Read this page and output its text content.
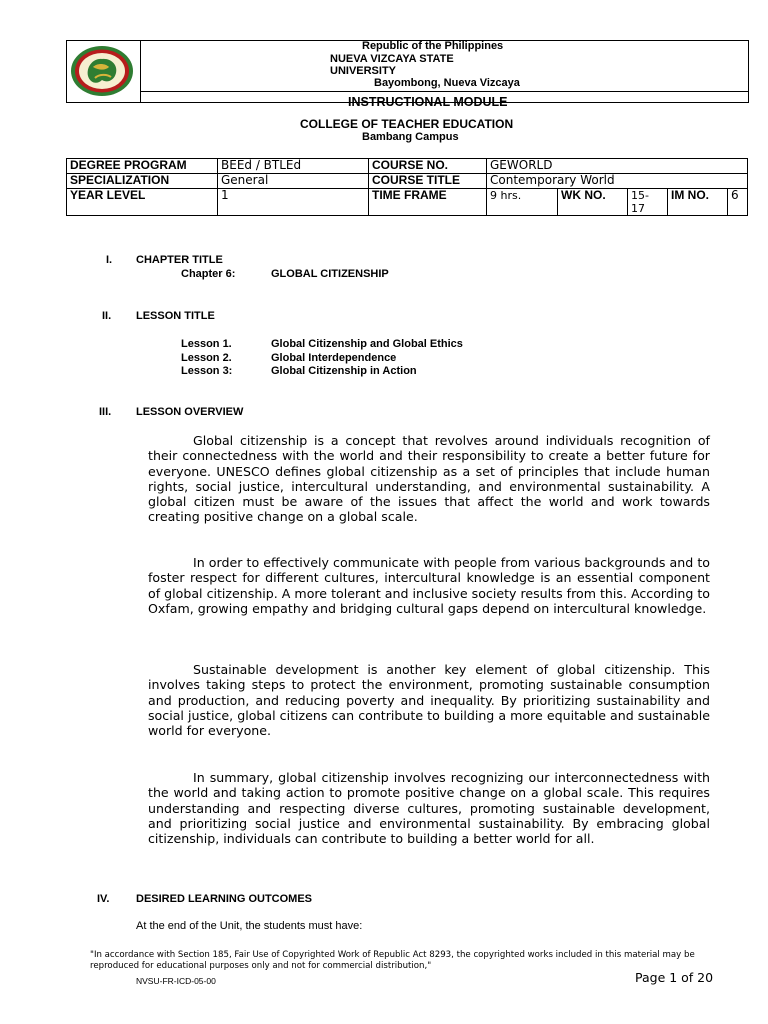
Republic of the Philippines
NUEVA VIZCAYA STATE
UNIVERSITY
Bayombong, Nueva Vizcaya
INSTRUCTIONAL MODULE
COLLEGE OF TEACHER EDUCATION
Bambang Campus
DEGREE PROGRAM	BEEd / BTLEd	COURSE NO.	GEWORLD				
SPECIALIZATION	General	COURSE TITLE	Contemporary World				
YEAR LEVEL	1	TIME FRAME	9 hrs.	WK NO.	15-17	IM NO.	6
I. CHAPTER TITLE
Chapter 6:	GLOBAL CITIZENSHIP
II. LESSON TITLE
Lesson 1.	Global Citizenship and Global Ethics
Lesson 2.	Global Interdependence
Lesson 3:	Global Citizenship in Action
III. LESSON OVERVIEW

Global citizenship is a concept that revolves around individuals recognition of their connectedness with the world and their responsibility to create a better future for everyone. UNESCO defines global citizenship as a set of principles that include human rights, social justice, intercultural understanding, and environmental sustainability. A global citizen must be aware of the issues that affect the world and work towards creating positive change on a global scale.

In order to effectively communicate with people from various backgrounds and to foster respect for different cultures, intercultural knowledge is an essential component of global citizenship. A more tolerant and inclusive society results from this. According to Oxfam, growing empathy and bridging cultural gaps depend on intercultural knowledge.

Sustainable development is another key element of global citizenship. This involves taking steps to protect the environment, promoting sustainable consumption and production, and reducing poverty and inequality. By prioritizing sustainability and social justice, global citizens can contribute to building a more equitable and sustainable world for everyone.

In summary, global citizenship involves recognizing our interconnectedness with the world and taking action to promote positive change on a global scale. This requires understanding and respecting diverse cultures, promoting sustainable development, and prioritizing social justice and environmental sustainability. By embracing global citizenship, individuals can contribute to building a better world for all.

IV. DESIRED LEARNING OUTCOMES
At the end of the Unit, the students must have:
"In accordance with Section 185, Fair Use of Copyrighted Work of Republic Act 8293, the copyrighted works included in this material may be reproduced for educational purposes only and not for commercial distribution,"
NVSU-FR-ICD-05-00	Page 1 of 20
